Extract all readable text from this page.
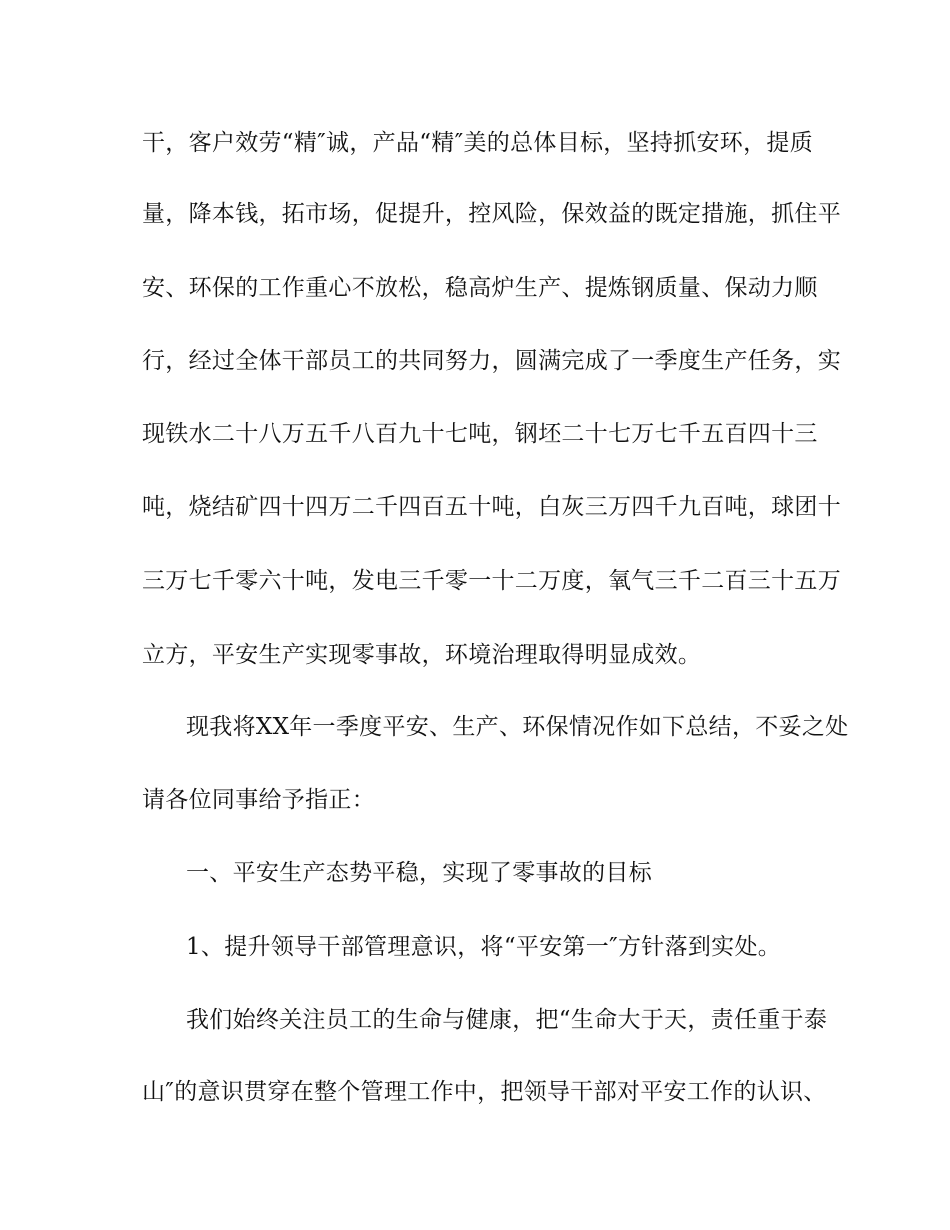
干，客户效劳“精″诚，产品“精″美的总体目标，坚持抓安环，提质
量，降本钱，拓市场，促提升，控风险，保效益的既定措施，抓住平
安、环保的工作重心不放松，稳高炉生产、提炼钢质量、保动力顺
行，经过全体干部员工的共同努力，圆满完成了一季度生产任务，实
现铁水二十八万五千八百九十七吨，钢坯二十七万七千五百四十三
吨，烧结矿四十四万二千四百五十吨，白灰三万四千九百吨，球团十
三万七千零六十吨，发电三千零一十二万度，氧气三千二百三十五万
立方，平安生产实现零事故，环境治理取得明显成效。
现我将XX年一季度平安、生产、环保情况作如下总结，不妥之处
请各位同事给予指正：
一、平安生产态势平稳，实现了零事故的目标
1、提升领导干部管理意识，将“平安第一″方针落到实处。
我们始终关注员工的生命与健康，把“生命大于天，责任重于泰
山″的意识贯穿在整个管理工作中，把领导干部对平安工作的认识、
